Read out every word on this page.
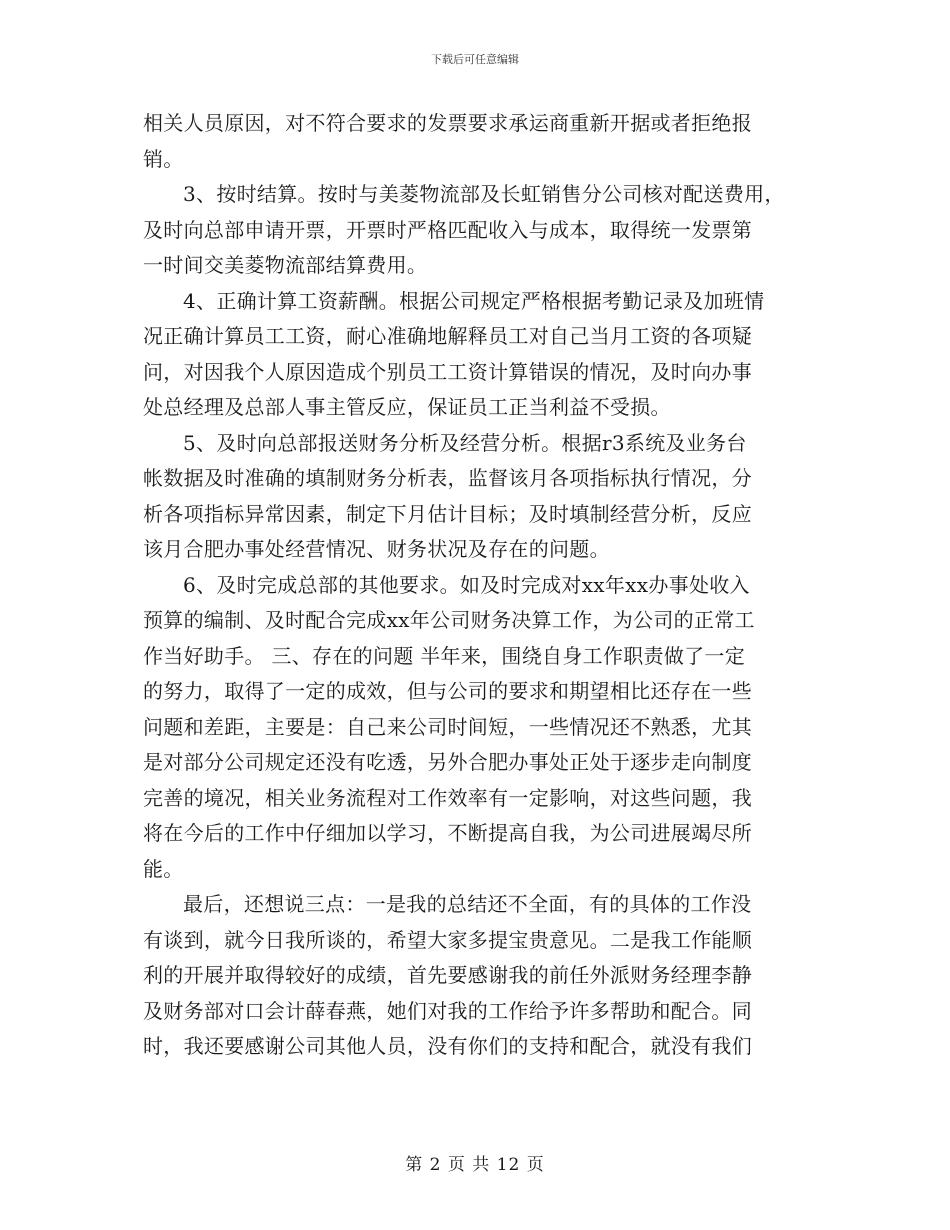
下载后可任意编辑
相关人员原因，对不符合要求的发票要求承运商重新开据或者拒绝报
销。
3、按时结算。按时与美菱物流部及长虹销售分公司核对配送费用，
及时向总部申请开票，开票时严格匹配收入与成本，取得统一发票第
一时间交美菱物流部结算费用。
4、正确计算工资薪酬。根据公司规定严格根据考勤记录及加班情
况正确计算员工工资，耐心准确地解释员工对自己当月工资的各项疑
问，对因我个人原因造成个别员工工资计算错误的情况，及时向办事
处总经理及总部人事主管反应，保证员工正当利益不受损。
5、及时向总部报送财务分析及经营分析。根据r3系统及业务台
帐数据及时准确的填制财务分析表，监督该月各项指标执行情况，分
析各项指标异常因素，制定下月估计目标；及时填制经营分析，反应
该月合肥办事处经营情况、财务状况及存在的问题。
6、及时完成总部的其他要求。如及时完成对xx年xx办事处收入
预算的编制、及时配合完成xx年公司财务决算工作，为公司的正常工
作当好助手。 三、存在的问题 半年来，围绕自身工作职责做了一定
的努力，取得了一定的成效，但与公司的要求和期望相比还存在一些
问题和差距，主要是：自己来公司时间短，一些情况还不熟悉，尤其
是对部分公司规定还没有吃透，另外合肥办事处正处于逐步走向制度
完善的境况，相关业务流程对工作效率有一定影响，对这些问题，我
将在今后的工作中仔细加以学习，不断提高自我，为公司进展竭尽所
能。
最后，还想说三点：一是我的总结还不全面，有的具体的工作没
有谈到，就今日我所谈的，希望大家多提宝贵意见。二是我工作能顺
利的开展并取得较好的成绩，首先要感谢我的前任外派财务经理李静
及财务部对口会计薛春燕，她们对我的工作给予许多帮助和配合。同
时，我还要感谢公司其他人员，没有你们的支持和配合，就没有我们
第 2 页 共 12 页
